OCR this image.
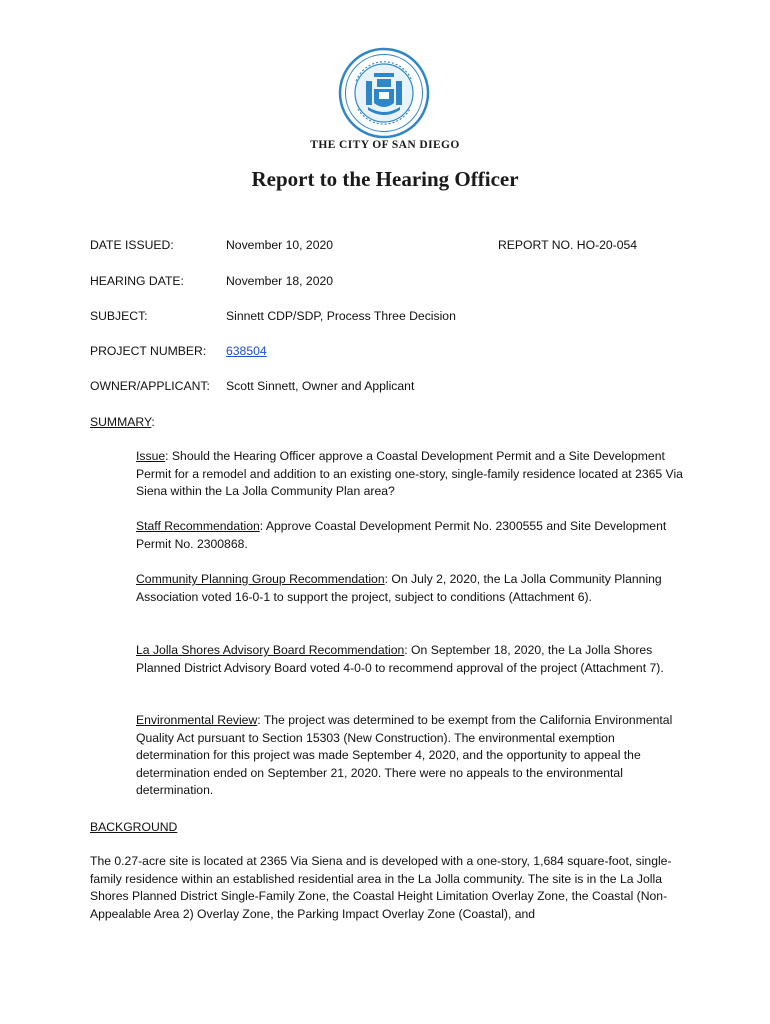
THE CITY OF SAN DIEGO
Report to the Hearing Officer
DATE ISSUED:	November 10, 2020	REPORT NO. HO-20-054
HEARING DATE:	November 18, 2020
SUBJECT:	Sinnett CDP/SDP, Process Three Decision
PROJECT NUMBER: 638504
OWNER/APPLICANT: Scott Sinnett, Owner and Applicant
SUMMARY:

Issue: Should the Hearing Officer approve a Coastal Development Permit and a Site Development Permit for a remodel and addition to an existing one-story, single-family residence located at 2365 Via Siena within the La Jolla Community Plan area?

Staff Recommendation: Approve Coastal Development Permit No. 2300555 and Site Development Permit No. 2300868.

Community Planning Group Recommendation: On July 2, 2020, the La Jolla Community Planning Association voted 16-0-1 to support the project, subject to conditions (Attachment 6).

La Jolla Shores Advisory Board Recommendation: On September 18, 2020, the La Jolla Shores Planned District Advisory Board voted 4-0-0 to recommend approval of the project (Attachment 7).

Environmental Review: The project was determined to be exempt from the California Environmental Quality Act pursuant to Section 15303 (New Construction). The environmental exemption determination for this project was made September 4, 2020, and the opportunity to appeal the determination ended on September 21, 2020. There were no appeals to the environmental determination.

BACKGROUND

The 0.27-acre site is located at 2365 Via Siena and is developed with a one-story, 1,684 square-foot, single-family residence within an established residential area in the La Jolla community. The site is in the La Jolla Shores Planned District Single-Family Zone, the Coastal Height Limitation Overlay Zone, the Coastal (Non-Appealable Area 2) Overlay Zone, the Parking Impact Overlay Zone (Coastal), and
